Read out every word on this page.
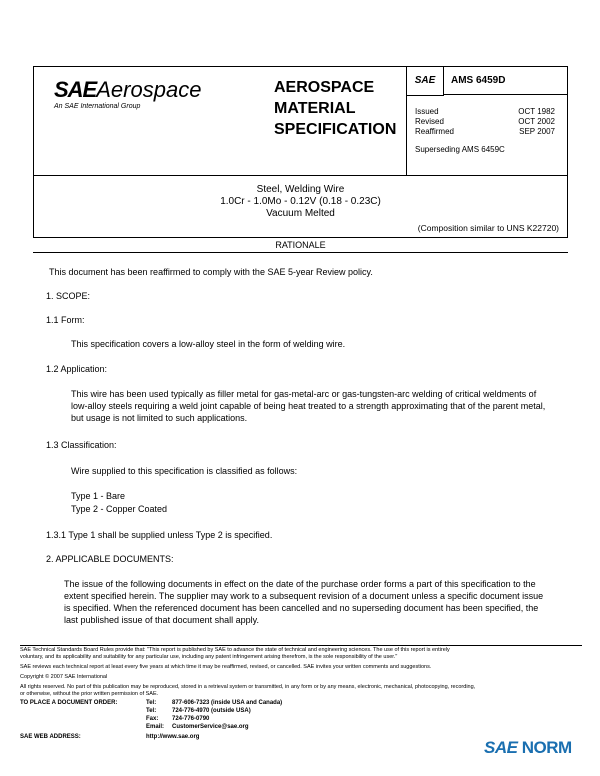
SAEAerospace
An SAE International Group
AEROSPACE
MATERIAL
SPECIFICATION
SAE	AMS 6459D
Issued	OCT 1982
Revised	OCT 2002
Reaffirmed	SEP 2007
Superseding AMS 6459C
Steel, Welding Wire
1.0Cr - 1.0Mo - 0.12V (0.18 - 0.23C)
Vacuum Melted
(Composition similar to UNS K22720)
RATIONALE
This document has been reaffirmed to comply with the SAE 5-year Review policy.
1. SCOPE:
1.1 Form:
This specification covers a low-alloy steel in the form of welding wire.
1.2 Application:
This wire has been used typically as filler metal for gas-metal-arc or gas-tungsten-arc welding of critical weldments of low-alloy steels requiring a weld joint capable of being heat treated to a strength approximating that of the parent metal, but usage is not limited to such applications.
1.3 Classification:
Wire supplied to this specification is classified as follows:
Type 1 - Bare
Type 2 - Copper Coated
1.3.1 Type 1 shall be supplied unless Type 2 is specified.
2. APPLICABLE DOCUMENTS:
The issue of the following documents in effect on the date of the purchase order forms a part of this specification to the extent specified herein. The supplier may work to a subsequent revision of a document unless a specific document issue is specified. When the referenced document has been cancelled and no superseding document has been specified, the last published issue of that document shall apply.
SAE Technical Standards Board Rules provide that: "This report is published by SAE to advance the state of technical and engineering sciences. The use of this report is entirely
voluntary, and its applicability and suitability for any particular use, including any patent infringement arising therefrom, is the sole responsibility of the user."
SAE reviews each technical report at least every five years at which time it may be reaffirmed, revised, or cancelled. SAE invites your written comments and suggestions.
Copyright © 2007 SAE International
All rights reserved. No part of this publication may be reproduced, stored in a retrieval system or transmitted, in any form or by any means, electronic, mechanical, photocopying, recording,
or otherwise, without the prior written permission of SAE.
TO PLACE A DOCUMENT ORDER:	Tel:	877-606-7323 (inside USA and Canada)
Tel:	724-776-4970 (outside USA)
Fax: 724-776-0790
Email: CustomerService@sae.org
SAE WEB ADDRESS:	http://www.sae.org
SAE NORM
